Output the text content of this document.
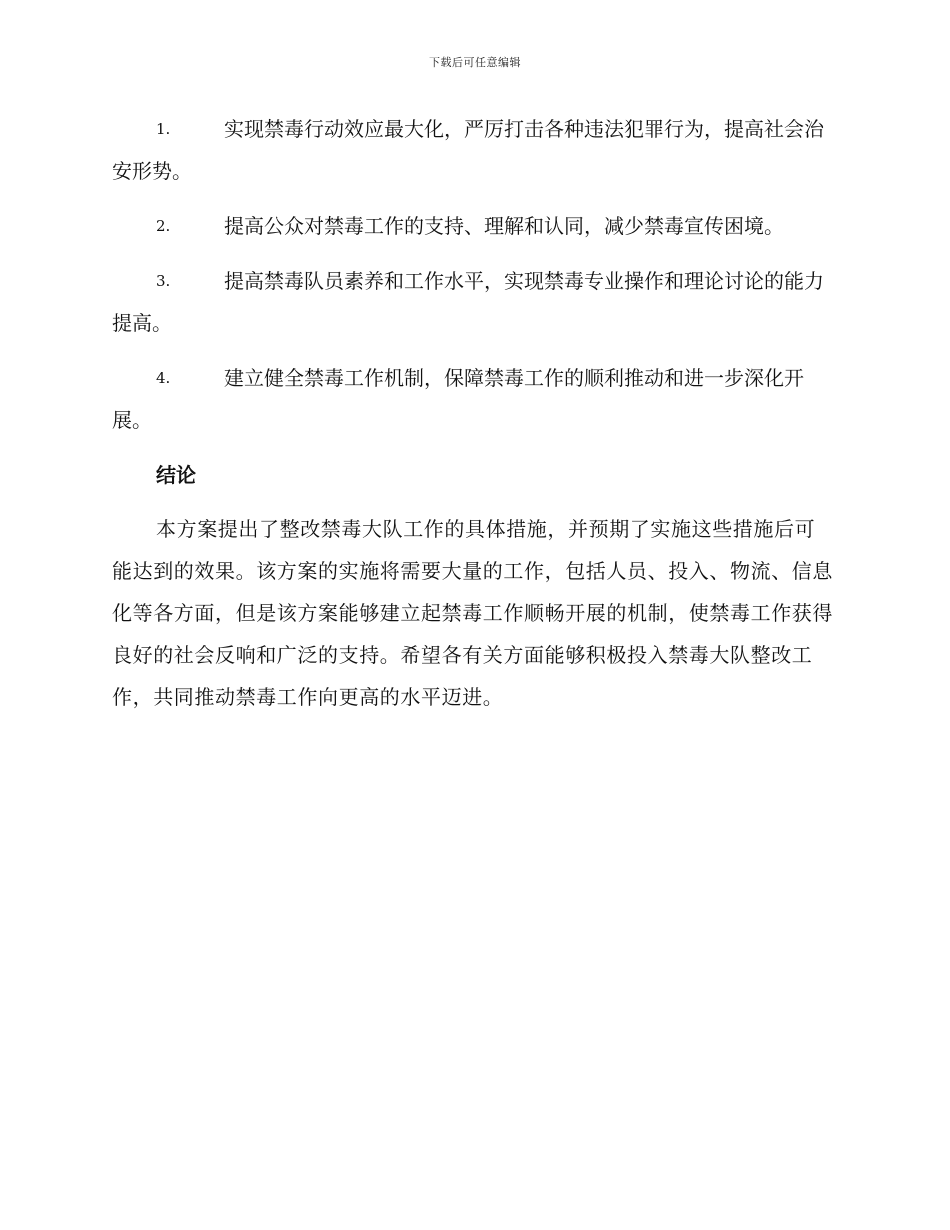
下载后可任意编辑
1.	实现禁毒行动效应最大化，严厉打击各种违法犯罪行为，提高社会治安形势。
2.	提高公众对禁毒工作的支持、理解和认同，减少禁毒宣传困境。
3.	提高禁毒队员素养和工作水平，实现禁毒专业操作和理论讨论的能力提高。
4.	建立健全禁毒工作机制，保障禁毒工作的顺利推动和进一步深化开展。
结论

本方案提出了整改禁毒大队工作的具体措施，并预期了实施这些措施后可能达到的效果。该方案的实施将需要大量的工作，包括人员、投入、物流、信息化等各方面，但是该方案能够建立起禁毒工作顺畅开展的机制，使禁毒工作获得良好的社会反响和广泛的支持。希望各有关方面能够积极投入禁毒大队整改工作，共同推动禁毒工作向更高的水平迈进。
